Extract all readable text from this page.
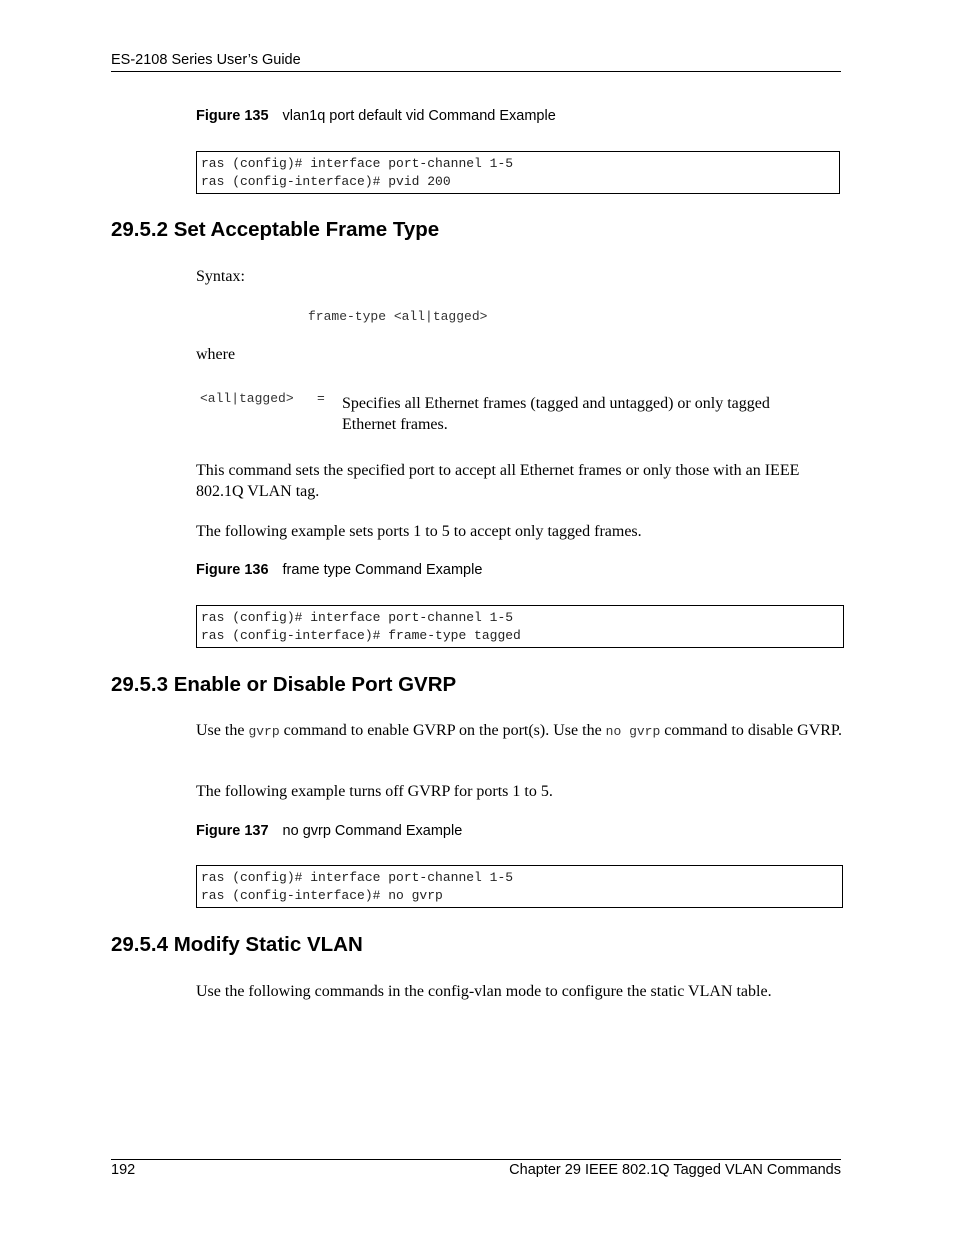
ES-2108 Series User’s Guide
Figure 135 vlan1q port default vid Command Example
ras (config)# interface port-channel 1-5
ras (config-interface)# pvid 200
29.5.2 Set Acceptable Frame Type
Syntax:
frame-type <all|tagged>
where
<all|tagged> = Specifies all Ethernet frames (tagged and untagged) or only tagged Ethernet frames.
This command sets the specified port to accept all Ethernet frames or only those with an IEEE 802.1Q VLAN tag.
The following example sets ports 1 to 5 to accept only tagged frames.
Figure 136 frame type Command Example
ras (config)# interface port-channel 1-5
ras (config-interface)# frame-type tagged
29.5.3 Enable or Disable Port GVRP
Use the gvrp command to enable GVRP on the port(s). Use the no gvrp command to disable GVRP.
The following example turns off GVRP for ports 1 to 5.
Figure 137 no gvrp Command Example
ras (config)# interface port-channel 1-5
ras (config-interface)# no gvrp
29.5.4 Modify Static VLAN
Use the following commands in the config-vlan mode to configure the static VLAN table.
192	Chapter 29 IEEE 802.1Q Tagged VLAN Commands
